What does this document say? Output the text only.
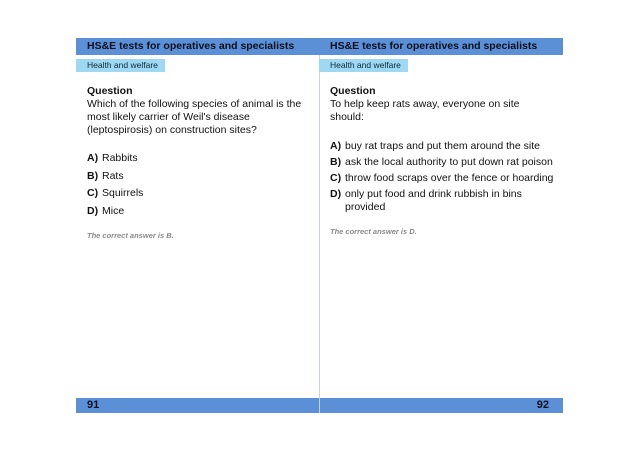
HS&E tests for operatives and specialists
Health and welfare
Question
Which of the following species of animal is the most likely carrier of Weil's disease (leptospirosis) on construction sites?
A) Rabbits
B) Rats
C) Squirrels
D) Mice
The correct answer is B.
HS&E tests for operatives and specialists
Health and welfare
Question
To help keep rats away, everyone on site should:
A) buy rat traps and put them around the site
B) ask the local authority to put down rat poison
C) throw food scraps over the fence or hoarding
D) only put food and drink rubbish in bins provided
The correct answer is D.
91	92
